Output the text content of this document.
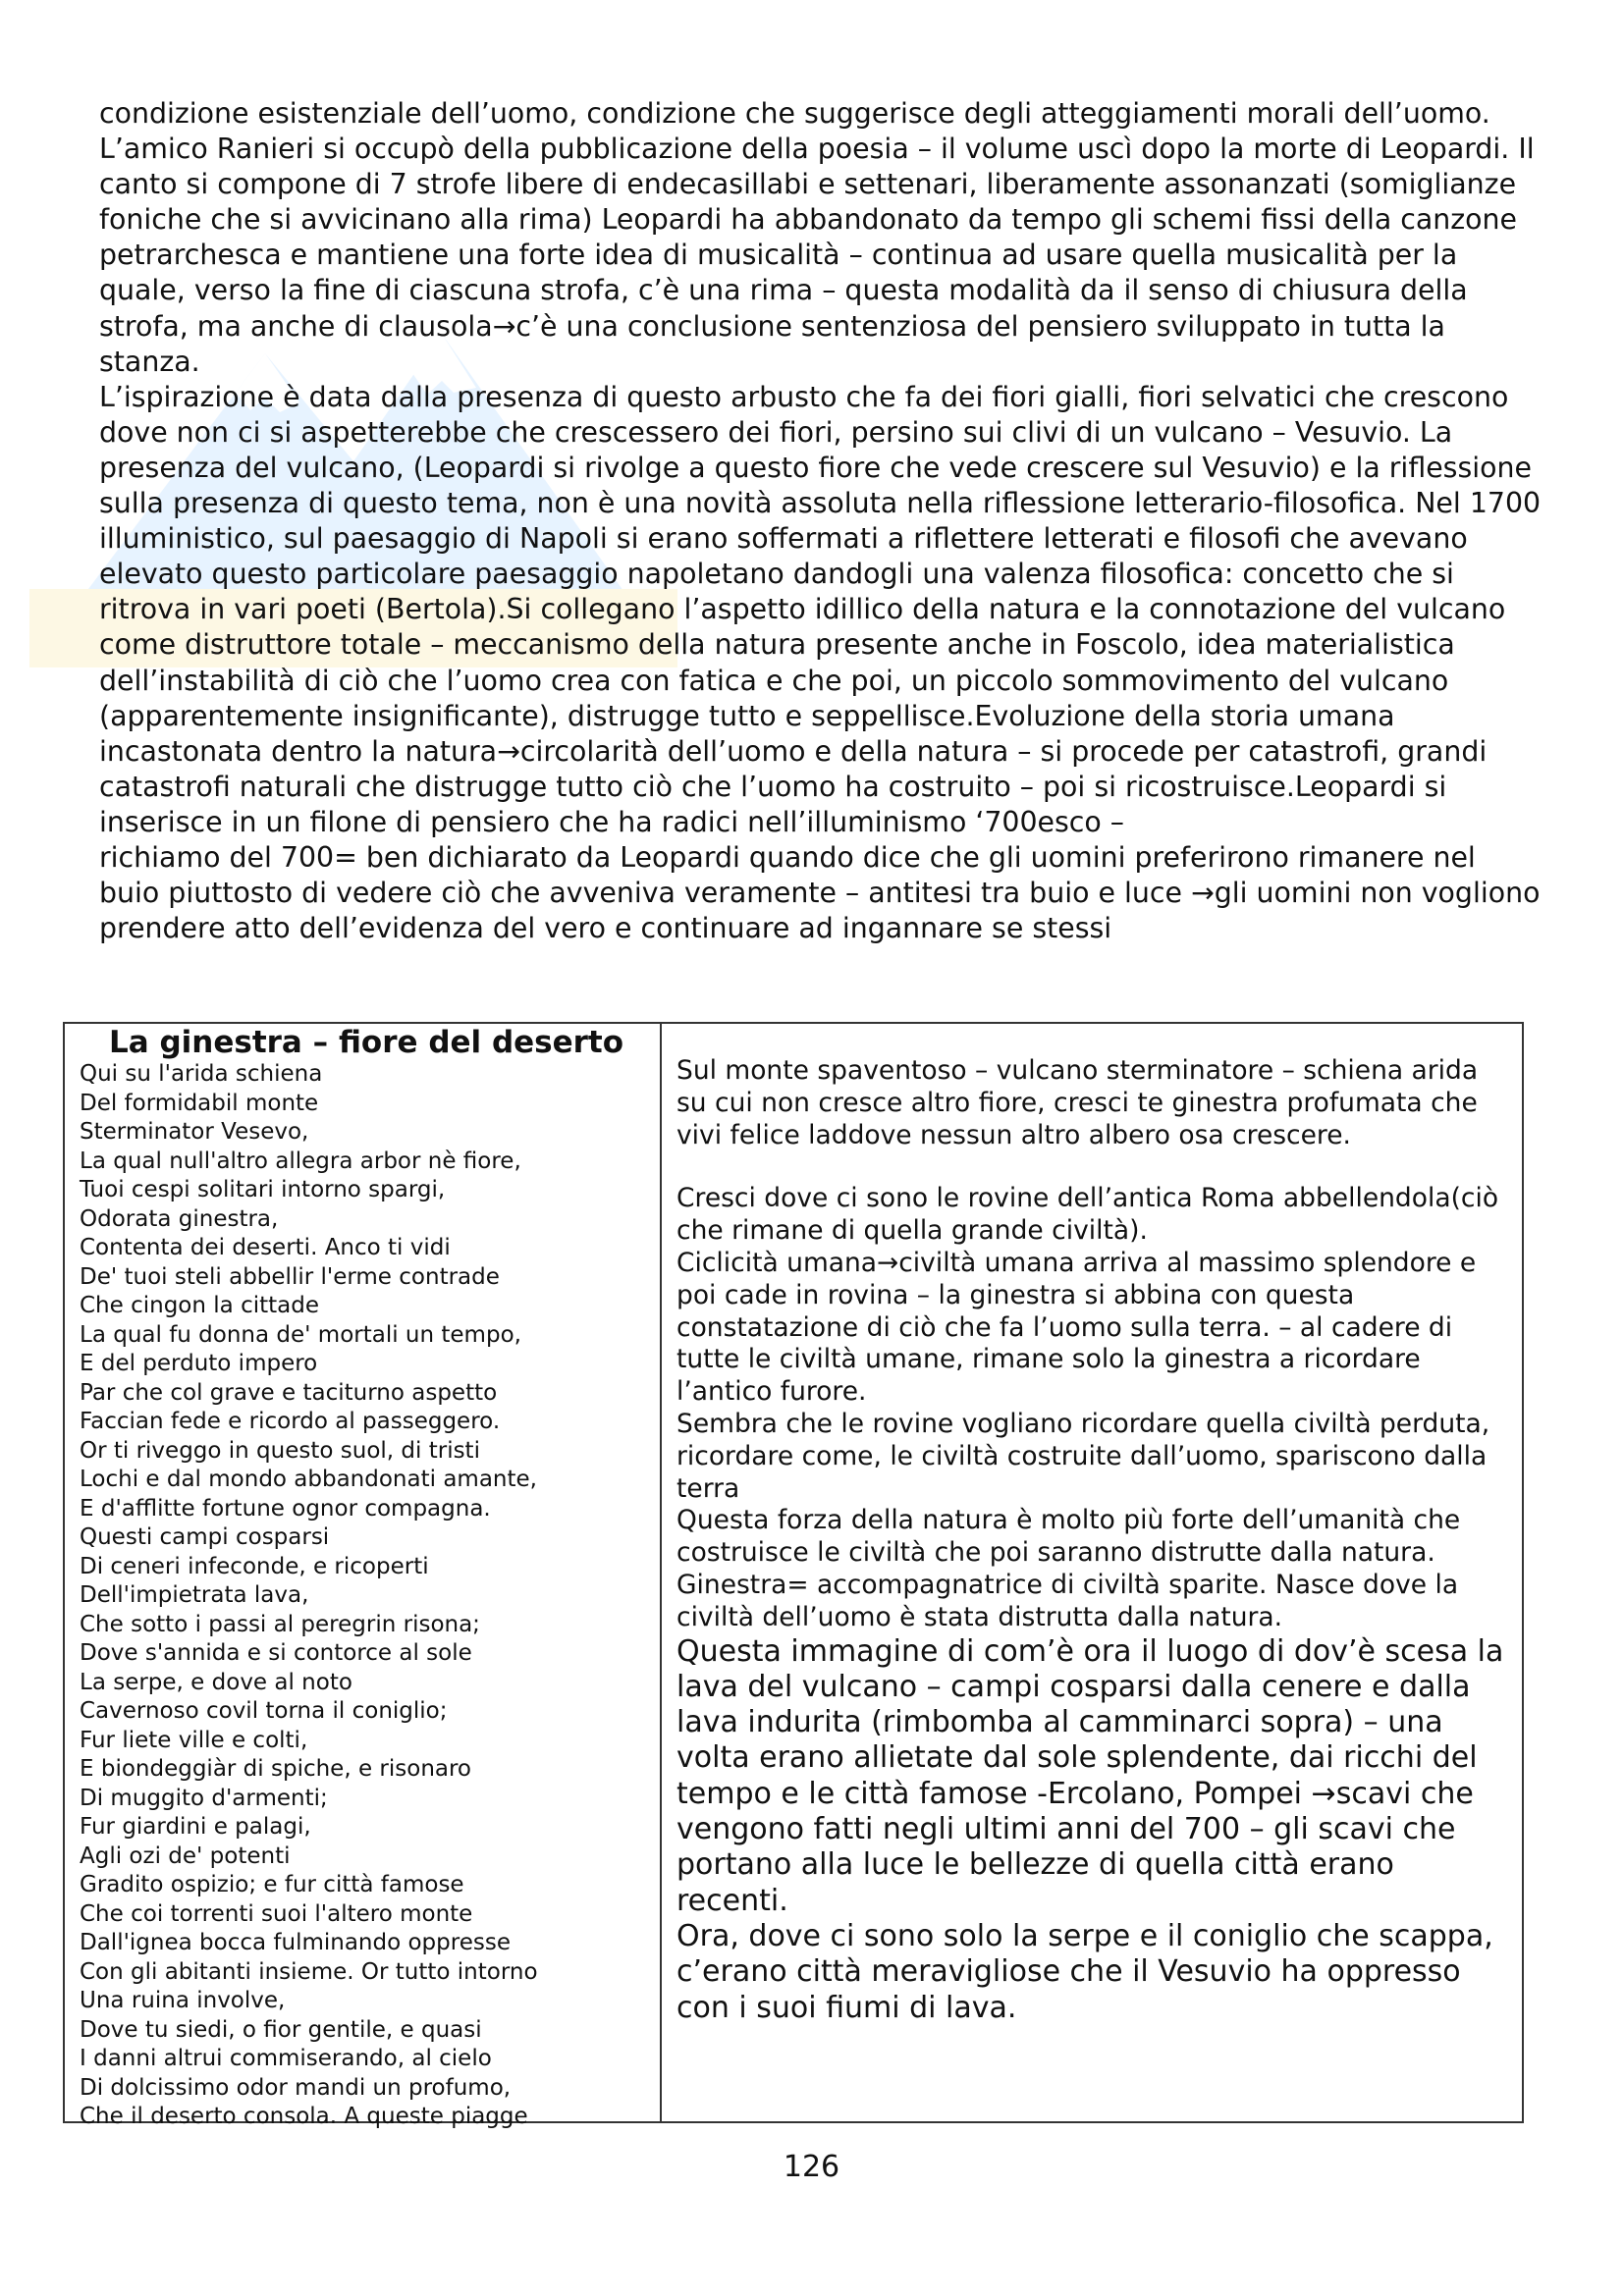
condizione esistenziale dell’uomo, condizione che suggerisce degli atteggiamenti morali dell’uomo.

L’amico Ranieri si occupò della pubblicazione della poesia – il volume uscì dopo la morte di Leopardi. Il canto si compone di 7 strofe libere di endecasillabi e settenari, liberamente assonanzati (somiglianze foniche che si avvicinano alla rima) Leopardi ha abbandonato da tempo gli schemi fissi della canzone petrarchesca e mantiene una forte idea di musicalità – continua ad usare quella musicalità per la quale, verso la fine di ciascuna strofa, c’è una rima – questa modalità da il senso di chiusura della strofa, ma anche di clausola→c’è una conclusione sentenziosa del pensiero sviluppato in tutta la stanza.

L’ispirazione è data dalla presenza di questo arbusto che fa dei fiori gialli, fiori selvatici che crescono dove non ci si aspetterebbe che crescessero dei fiori, persino sui clivi di un vulcano – Vesuvio. La presenza del vulcano, (Leopardi si rivolge a questo fiore che vede crescere sul Vesuvio) e la riflessione sulla presenza di questo tema, non è una novità assoluta nella riflessione letterario-filosofica. Nel 1700 illuministico, sul paesaggio di Napoli si erano soffermati a riflettere letterati e filosofi che avevano elevato questo particolare paesaggio napoletano dandogli una valenza filosofica: concetto che si ritrova in vari poeti (Bertola).Si collegano l’aspetto idillico della natura e la connotazione del vulcano come distruttore totale – meccanismo della natura presente anche in Foscolo, idea materialistica dell’instabilità di ciò che l’uomo crea con fatica e che poi, un piccolo sommovimento del vulcano (apparentemente insignificante), distrugge tutto e seppellisce.Evoluzione della storia umana incastonata dentro la natura→circolarità dell’uomo e della natura – si procede per catastrofi, grandi catastrofi naturali che distrugge tutto ciò che l’uomo ha costruito – poi si ricostruisce.Leopardi si inserisce in un filone di pensiero che ha radici nell’illuminismo ‘700esco –

richiamo del 700= ben dichiarato da Leopardi quando dice che gli uomini preferirono rimanere nel buio piuttosto di vedere ciò che avveniva veramente – antitesi tra buio e luce →gli uomini non vogliono prendere atto dell’evidenza del vero e continuare ad ingannare se stessi

La ginestra – fiore del deserto
Qui su l'arida schiena
Del formidabil monte
Sterminator Vesevo,
La qual null'altro allegra arbor nè fiore,
Tuoi cespi solitari intorno spargi,
Odorata ginestra,
Contenta dei deserti. Anco ti vidi
De' tuoi steli abbellir l'erme contrade
Che cingon la cittade
La qual fu donna de' mortali un tempo,
E del perduto impero
Par che col grave e taciturno aspetto
Faccian fede e ricordo al passeggero.
Or ti riveggo in questo suol, di tristi
Lochi e dal mondo abbandonati amante,
E d'afflitte fortune ognor compagna.
Questi campi cosparsi
Di ceneri infeconde, e ricoperti
Dell'impietrata lava,
Che sotto i passi al peregrin risona;
Dove s'annida e si contorce al sole
La serpe, e dove al noto
Cavernoso covil torna il coniglio;
Fur liete ville e colti,
E biondeggiàr di spiche, e risonaro
Di muggito d'armenti;
Fur giardini e palagi,
Agli ozi de' potenti
Gradito ospizio; e fur città famose
Che coi torrenti suoi l'altero monte
Dall'ignea bocca fulminando oppresse
Con gli abitanti insieme. Or tutto intorno
Una ruina involve,
Dove tu siedi, o fior gentile, e quasi
I danni altrui commiserando, al cielo
Di dolcissimo odor mandi un profumo,
Che il deserto consola. A queste piagge

Sul monte spaventoso – vulcano sterminatore – schiena arida su cui non cresce altro fiore, cresci te ginestra profumata che vivi felice laddove nessun altro albero osa crescere.

Cresci dove ci sono le rovine dell’antica Roma abbellendola(ciò che rimane di quella grande civiltà).

Ciclicità umana→civiltà umana arriva al massimo splendore e poi cade in rovina – la ginestra si abbina con questa constatazione di ciò che fa l’uomo sulla terra. – al cadere di tutte le civiltà umane, rimane solo la ginestra a ricordare l’antico furore.

Sembra che le rovine vogliano ricordare quella civiltà perduta, ricordare come, le civiltà costruite dall’uomo, spariscono dalla terra

Questa forza della natura è molto più forte dell’umanità che costruisce le civiltà che poi saranno distrutte dalla natura.

Ginestra= accompagnatrice di civiltà sparite. Nasce dove la civiltà dell’uomo è stata distrutta dalla natura.

Questa immagine di com’è ora il luogo di dov’è scesa la lava del vulcano – campi cosparsi dalla cenere e dalla lava indurita (rimbomba al camminarci sopra) – una volta erano allietate dal sole splendente, dai ricchi del tempo e le città famose -Ercolano, Pompei →scavi che vengono fatti negli ultimi anni del 700 – gli scavi che portano alla luce le bellezze di quella città erano recenti.

Ora, dove ci sono solo la serpe e il coniglio che scappa, c’erano città meravigliose che il Vesuvio ha oppresso con i suoi fiumi di lava.

126
